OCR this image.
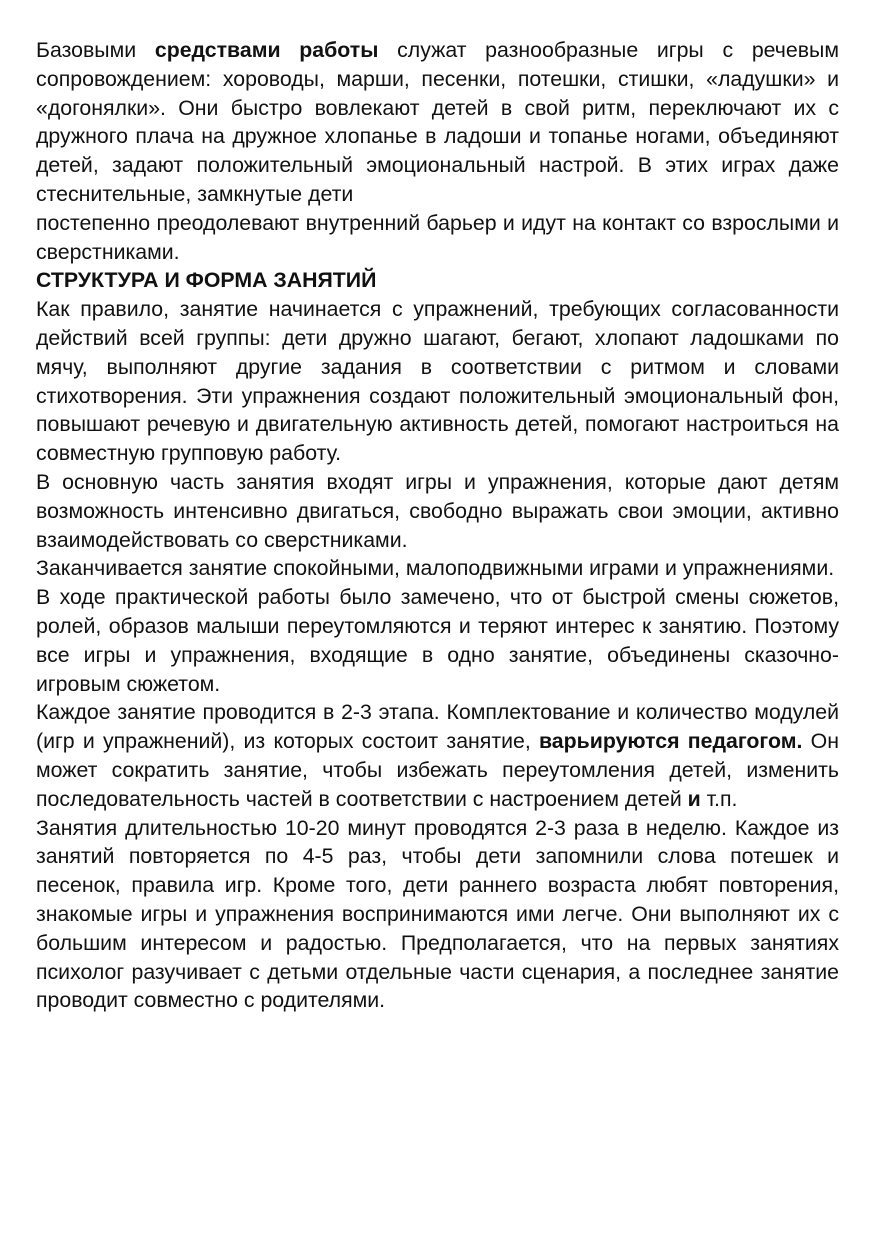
Базовыми средствами работы служат разнообразные игры с речевым сопровождением: хороводы, марши, песенки, потешки, стишки, «ладушки» и «догонялки». Они быстро вовлекают детей в свой ритм, переключают их с дружного плача на дружное хлопанье в ладоши и топанье ногами, объединяют детей, задают положительный эмоциональный настрой. В этих играх даже стеснительные, замкнутые дети

постепенно преодолевают внутренний барьер и идут на контакт со взрослыми и сверстниками.

СТРУКТУРА И ФОРМА ЗАНЯТИЙ

Как правило, занятие начинается с упражнений, требующих согласованности действий всей группы: дети дружно шагают, бегают, хлопают ладошками по мячу, выполняют другие задания в соответствии с ритмом и словами стихотворения. Эти упражнения создают положительный эмоциональный фон, повышают речевую и двигательную активность детей, помогают настроиться на совместную групповую работу.

В основную часть занятия входят игры и упражнения, которые дают детям возможность интенсивно двигаться, свободно выражать свои эмоции, активно взаимодействовать со сверстниками.

Заканчивается занятие спокойными, малоподвижными играми и упражнениями.

В ходе практической работы было замечено, что от быстрой смены сюжетов, ролей, образов малыши переутомляются и теряют интерес к занятию. Поэтому все игры и упражнения, входящие в одно занятие, объединены сказочно-игровым сюжетом.

Каждое занятие проводится в 2-3 этапа. Комплектование и количество модулей (игр и упражнений), из которых состоит занятие, варьируются педагогом. Он может сократить занятие, чтобы избежать переутомления детей, изменить последовательность частей в соответствии с настроением детей и т.п.

Занятия длительностью 10-20 минут проводятся 2-3 раза в неделю. Каждое из занятий повторяется по 4-5 раз, чтобы дети запомнили слова потешек и песенок, правила игр. Кроме того, дети раннего возраста любят повторения, знакомые игры и упражнения воспринимаются ими легче. Они выполняют их с большим интересом и радостью. Предполагается, что на первых занятиях психолог разучивает с детьми отдельные части сценария, а последнее занятие проводит совместно с родителями.
